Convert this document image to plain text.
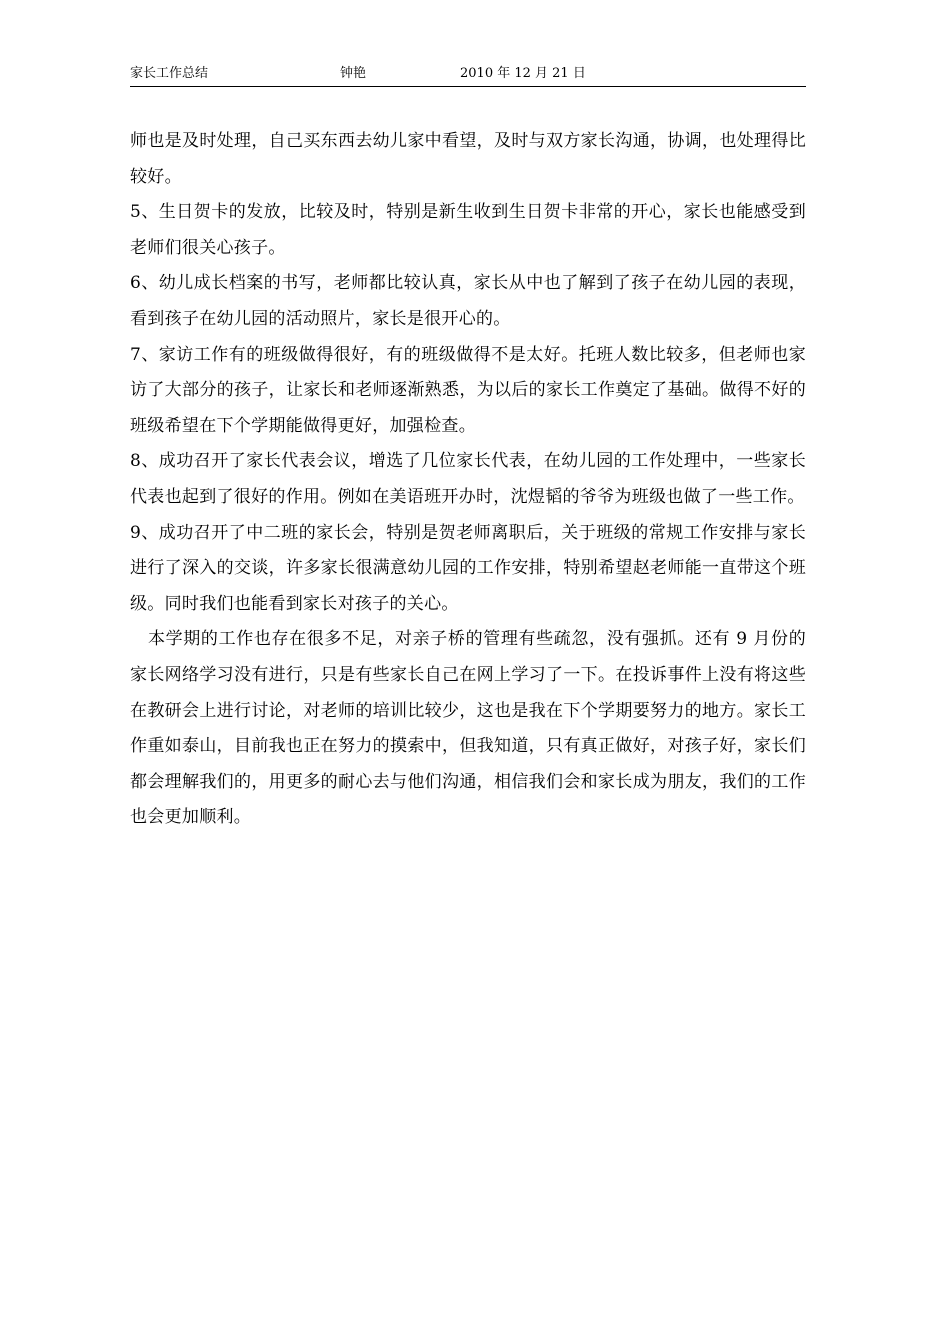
家长工作总结	钟艳	2010 年 12 月 21 日

师也是及时处理，自己买东西去幼儿家中看望，及时与双方家长沟通，协调，也处理得比较好。

5、生日贺卡的发放，比较及时，特别是新生收到生日贺卡非常的开心，家长也能感受到老师们很关心孩子。

6、幼儿成长档案的书写，老师都比较认真，家长从中也了解到了孩子在幼儿园的表现，看到孩子在幼儿园的活动照片，家长是很开心的。

7、家访工作有的班级做得很好，有的班级做得不是太好。托班人数比较多，但老师也家访了大部分的孩子，让家长和老师逐渐熟悉，为以后的家长工作奠定了基础。做得不好的班级希望在下个学期能做得更好，加强检查。

8、成功召开了家长代表会议，增选了几位家长代表，在幼儿园的工作处理中，一些家长代表也起到了很好的作用。例如在美语班开办时，沈煜韬的爷爷为班级也做了一些工作。

9、成功召开了中二班的家长会，特别是贺老师离职后，关于班级的常规工作安排与家长进行了深入的交谈，许多家长很满意幼儿园的工作安排，特别希望赵老师能一直带这个班级。同时我们也能看到家长对孩子的关心。

本学期的工作也存在很多不足，对亲子桥的管理有些疏忽，没有强抓。还有 9 月份的家长网络学习没有进行，只是有些家长自己在网上学习了一下。在投诉事件上没有将这些在教研会上进行讨论，对老师的培训比较少，这也是我在下个学期要努力的地方。家长工作重如泰山，目前我也正在努力的摸索中，但我知道，只有真正做好，对孩子好，家长们都会理解我们的，用更多的耐心去与他们沟通，相信我们会和家长成为朋友，我们的工作也会更加顺利。
